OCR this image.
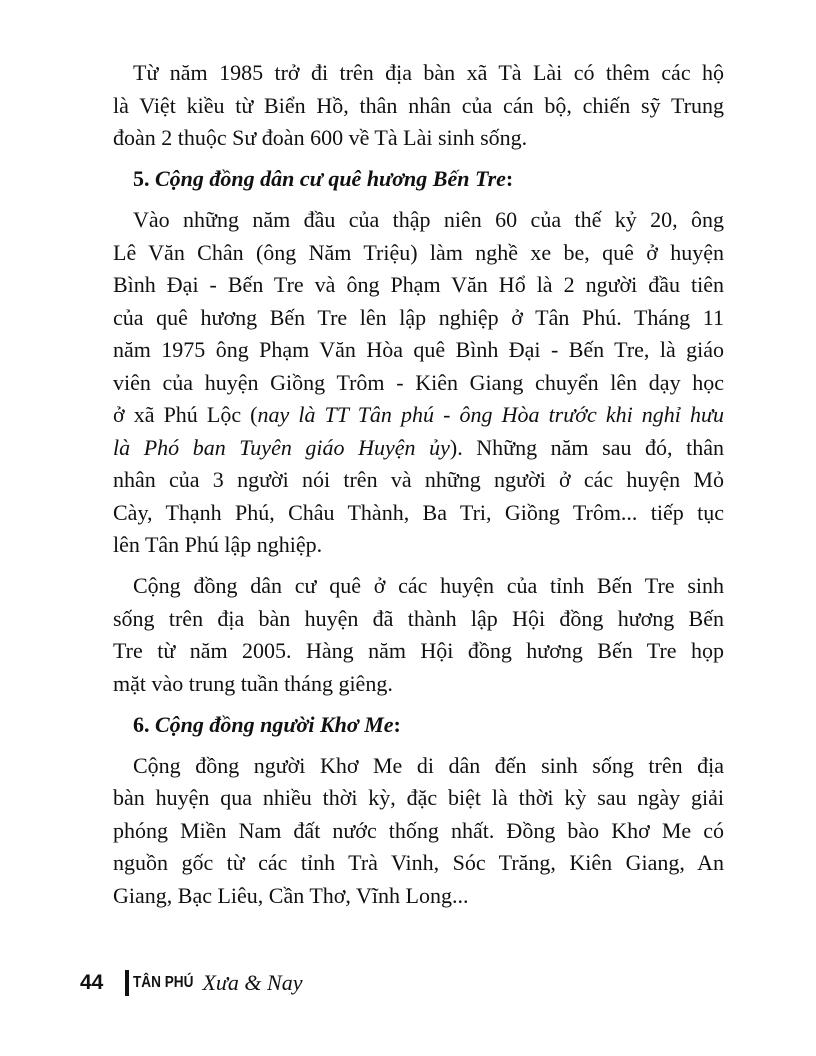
Từ năm 1985 trở đi trên địa bàn xã Tà Lài có thêm các hộ
là Việt kiều từ Biển Hồ, thân nhân của cán bộ, chiến sỹ Trung
đoàn 2 thuộc Sư đoàn 600 về Tà Lài sinh sống.
5. Cộng đồng dân cư quê hương Bến Tre:
Vào những năm đầu của thập niên 60 của thế kỷ 20, ông
Lê Văn Chân (ông Năm Triệu) làm nghề xe be, quê ở huyện
Bình Đại - Bến Tre và ông Phạm Văn Hổ là 2 người đầu tiên
của quê hương Bến Tre lên lập nghiệp ở Tân Phú. Tháng 11
năm 1975 ông Phạm Văn Hòa quê Bình Đại - Bến Tre, là giáo
viên của huyện Giồng Trôm - Kiên Giang chuyển lên dạy học
ở xã Phú Lộc (nay là TT Tân phú - ông Hòa trước khi nghỉ hưu
là Phó ban Tuyên giáo Huyện ủy). Những năm sau đó, thân
nhân của 3 người nói trên và những người ở các huyện Mỏ
Cày, Thạnh Phú, Châu Thành, Ba Tri, Giồng Trôm... tiếp tục
lên Tân Phú lập nghiệp.
Cộng đồng dân cư quê ở các huyện của tỉnh Bến Tre sinh
sống trên địa bàn huyện đã thành lập Hội đồng hương Bến
Tre từ năm 2005. Hàng năm Hội đồng hương Bến Tre họp
mặt vào trung tuần tháng giêng.
6. Cộng đồng người Khơ Me:
Cộng đồng người Khơ Me di dân đến sinh sống trên địa
bàn huyện qua nhiều thời kỳ, đặc biệt là thời kỳ sau ngày giải
phóng Miền Nam đất nước thống nhất. Đồng bào Khơ Me có
nguồn gốc từ các tỉnh Trà Vinh, Sóc Trăng, Kiên Giang, An
Giang, Bạc Liêu, Cần Thơ, Vĩnh Long...
44 TÂN PHÚ Xưa & Nay
